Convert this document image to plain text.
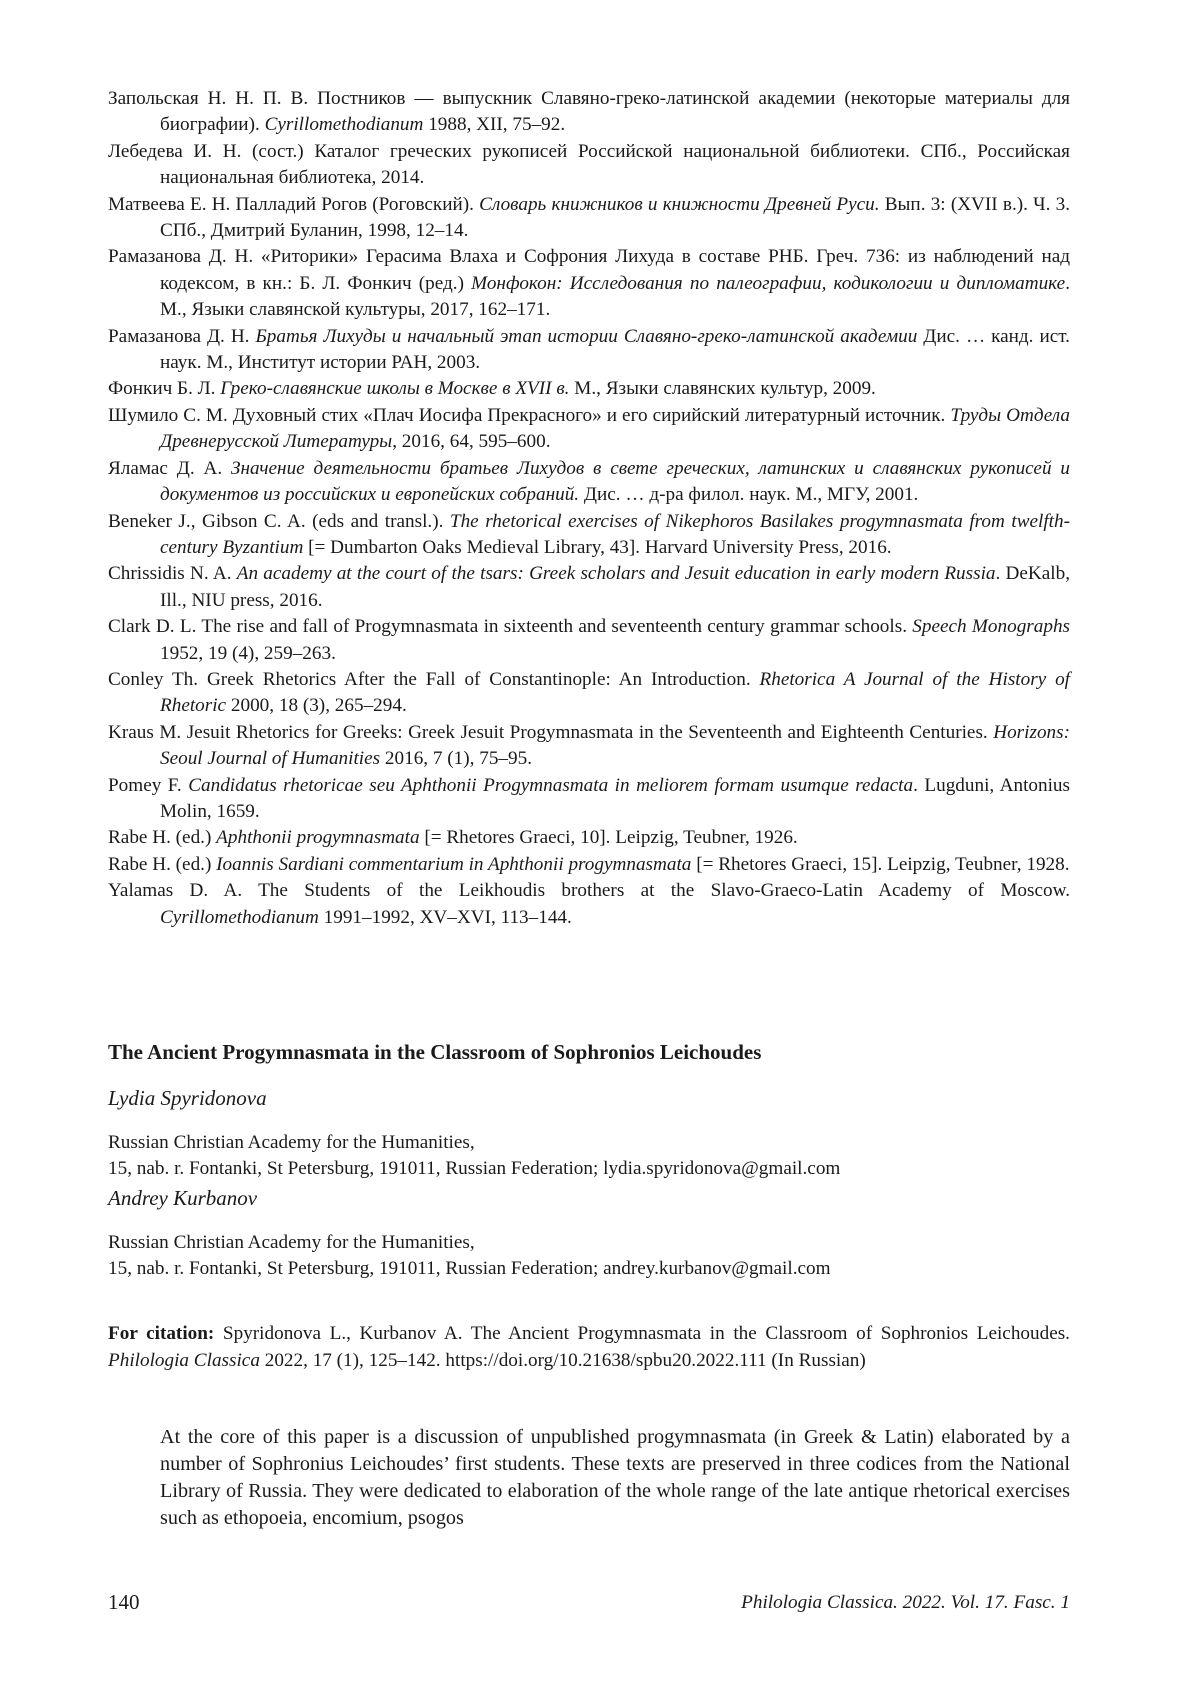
Запольская Н. Н. П. В. Постников — выпускник Славяно-греко-латинской академии (некоторые материалы для биографии). Cyrillomethodianum 1988, XII, 75–92.

Лебедева И. Н. (сост.) Каталог греческих рукописей Российской национальной библиотеки. СПб., Российская национальная библиотека, 2014.

Матвеева Е. Н. Палладий Рогов (Роговский). Словарь книжников и книжности Древней Руси. Вып. 3: (XVII в.). Ч. 3. СПб., Дмитрий Буланин, 1998, 12–14.

Рамазанова Д. Н. «Риторики» Герасима Влаха и Софрония Лихуда в составе РНБ. Греч. 736: из наблюдений над кодексом, в кн.: Б. Л. Фонкич (ред.) Монфокон: Исследования по палеографии, кодикологии и дипломатике. М., Языки славянской культуры, 2017, 162–171.

Рамазанова Д. Н. Братья Лихуды и начальный этап истории Славяно-греко-латинской академии Дис. … канд. ист. наук. М., Институт истории РАН, 2003.

Фонкич Б. Л. Греко-славянские школы в Москве в XVII в. М., Языки славянских культур, 2009.

Шумило С. М. Духовный стих «Плач Иосифа Прекрасного» и его сирийский литературный источник. Труды Отдела Древнерусской Литературы, 2016, 64, 595–600.

Яламас Д. А. Значение деятельности братьев Лихудов в свете греческих, латинских и славянских рукописей и документов из российских и европейских собраний. Дис. … д-ра филол. наук. М., МГУ, 2001.

Beneker J., Gibson C. A. (eds and transl.). The rhetorical exercises of Nikephoros Basilakes progymnasmata from twelfth-century Byzantium [= Dumbarton Oaks Medieval Library, 43]. Harvard University Press, 2016.

Chrissidis N. A. An academy at the court of the tsars: Greek scholars and Jesuit education in early modern Russia. DeKalb, Ill., NIU press, 2016.

Clark D. L. The rise and fall of Progymnasmata in sixteenth and seventeenth century grammar schools. Speech Monographs 1952, 19 (4), 259–263.

Conley Th. Greek Rhetorics After the Fall of Constantinople: An Introduction. Rhetorica A Journal of the History of Rhetoric 2000, 18 (3), 265–294.

Kraus M. Jesuit Rhetorics for Greeks: Greek Jesuit Progymnasmata in the Seventeenth and Eighteenth Centuries. Horizons: Seoul Journal of Humanities 2016, 7 (1), 75–95.

Pomey F. Candidatus rhetoricae seu Aphthonii Progymnasmata in meliorem formam usumque redacta. Lugduni, Antonius Molin, 1659.

Rabe H. (ed.) Aphthonii progymnasmata [= Rhetores Graeci, 10]. Leipzig, Teubner, 1926.

Rabe H. (ed.) Ioannis Sardiani commentarium in Aphthonii progymnasmata [= Rhetores Graeci, 15]. Leipzig, Teubner, 1928.

Yalamas D. A. The Students of the Leikhoudis brothers at the Slavo-Graeco-Latin Academy of Moscow. Cyrillomethodianum 1991–1992, XV–XVI, 113–144.

The Ancient Progymnasmata in the Classroom of Sophronios Leichoudes

Lydia Spyridonova

Russian Christian Academy for the Humanities,
15, nab. r. Fontanki, St Petersburg, 191011, Russian Federation; lydia.spyridonova@gmail.com

Andrey Kurbanov

Russian Christian Academy for the Humanities,
15, nab. r. Fontanki, St Petersburg, 191011, Russian Federation; andrey.kurbanov@gmail.com

For citation: Spyridonova L., Kurbanov A. The Ancient Progymnasmata in the Classroom of Sophronios Leichoudes. Philologia Classica 2022, 17 (1), 125–142. https://doi.org/10.21638/spbu20.2022.111 (In Russian)

At the core of this paper is a discussion of unpublished progymnasmata (in Greek & Latin) elaborated by a number of Sophronius Leichoudes’ first students. These texts are preserved in three codices from the National Library of Russia. They were dedicated to elaboration of the whole range of the late antique rhetorical exercises such as ethopoeia, encomium, psogos

140	Philologia Classica. 2022. Vol. 17. Fasc. 1
